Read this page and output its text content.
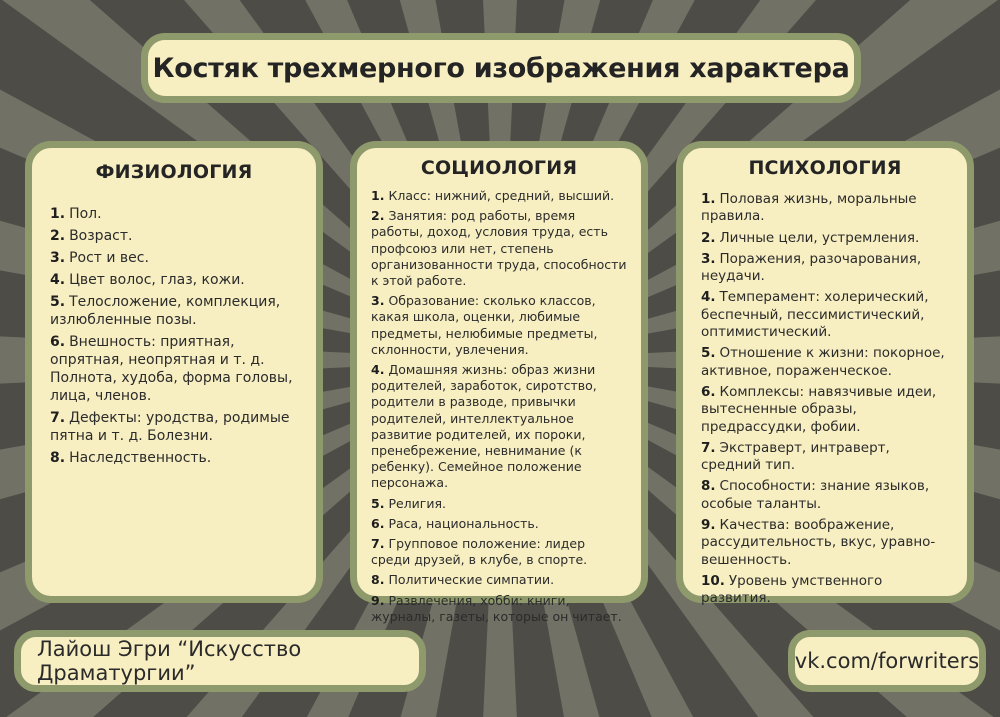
Костяк трехмерного изображения характера
ФИЗИОЛОГИЯ
1. Пол.
2. Возраст.
3. Рост и вес.
4. Цвет волос, глаз, кожи.
5. Телосложение, комплекция, излюбленные позы.
6. Внешность: приятная, опрятная, неопрятная и т. д. Полнота, худоба, форма головы, лица, членов.
7. Дефекты: уродства, родимые пятна и т. д. Болезни.
8. Наследственность.
СОЦИОЛОГИЯ
1. Класс: нижний, средний, высший.
2. Занятия: род работы, время работы, доход, условия труда, есть профсоюз или нет, степень организованности труда, способности к этой работе.
3. Образование: сколько классов, какая школа, оценки, любимые предметы, нелюбимые предметы, склонности, увлечения.
4. Домашняя жизнь: образ жизни родителей, заработок, сиротство, родители в разводе, привычки родителей, интеллектуальное развитие родителей, их пороки, пренебрежение, невнимание (к ребенку). Семейное положение персонажа.
5. Религия.
6. Раса, национальность.
7. Групповое положение: лидер среди друзей, в клубе, в спорте.
8. Политические симпатии.
9. Развлечения, хобби: книги, журналы, газеты, которые он читает.
ПСИХОЛОГИЯ
1. Половая жизнь, моральные правила.
2. Личные цели, устремления.
3. Поражения, разочарования, неудачи.
4. Темперамент: холерический, беспечный, пессимистический, оптимистический.
5. Отношение к жизни: покорное, активное, пораженческое.
6. Комплексы: навязчивые идеи, вытесненные образы, предрассудки, фобии.
7. Экстраверт, интраверт, средний тип.
8. Способности: знание языков, особые таланты.
9. Качества: воображение, рассудительность, вкус, уравно-вешенность.
10. Уровень умственного развития.
Лайош Эгри “Искусство Драматургии”	vk.com/forwriters
